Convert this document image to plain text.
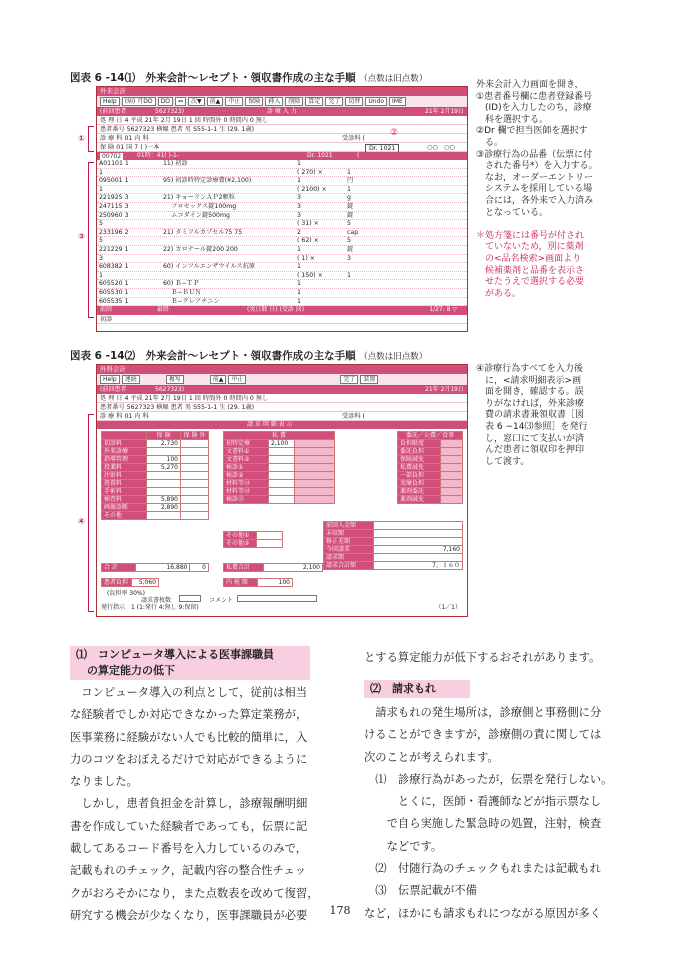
図表 6 -14⑴　外来会計〜レセプト・領収書作成の主な手順 （点数は旧点数）
外来会計
Help	(病) 月DO	DO	⇔	次▼	前▲	中止	保険	挿入	削除	算定	完了	切替	Undo	IME
(前回患者	5627323)	診 療 入 力	21年 2月19日
処 理 日 4 平成 21年 2月 19日 1 回 時間外 0 時間内 0 無し
患者番号 5627323 横堀 患者 男 S55-1-1 生 (29. 1歳)
診 療 科 01 内 科	受診科 (
保 険 01 国 7 ( )一本	Dr. 1021	○○　○○
00702	01時：41( )-1-	Dr. 1021	(
A01101 1	11) 初診	1
1	( 270) ×	1
095001 1	95) 初診時特定診療費(¥2,100)	1	円
1	( 2100) ×	1
221925 3	21) キョーリンＡＰ2顆粒	3	g
247115 3	　 フロセックス錠100mg	3	錠
250960 3	　 ムコダイン錠500mg	3	錠
5	( 31) ×	5
233196 2	21) タミフルカプセル75 75	2	cap
5	( 62) ×	5
221229 1	22) カロナール錠200 200	1	錠
3	( 1) ×	3
608382 1	60) インフルエンザウイルス抗原	1
1	( 150) ×	1
605520 1	60) Ｂ−ＴＰ	1
605530 1	　 Ｂ−ＢＵＮ	1
605535 1	　 Ｂ−クレアチニン	1
前回	最終	(実日数 日) (受診 回)	1/27: 8 ▽
初診
①
③
②
外来会計入力画面を開き，
①患者番号欄に患者登録番号
　(ID)を入力したのち，診療
　科を選択する。
②Dr 欄で担当医師を選択す
　る。
③診療行為の品番（伝票に付
　された番号*）を入力する。
　なお，オーダーエントリー
　システムを採用している場
　合には，各外来で入力済み
　となっている。
＊処方箋には番号が付され
　ていないため，別に薬剤
　の<品名検索>画面より
　候補薬剤と品番を表示さ
　せたうえで選択する必要
　がある。
図表 6 -14⑵　外来会計〜レセプト・領収書作成の主な手順 （点数は旧点数）
外科会計
Help	連続	複写	前▲	中止	完了	装置
(前回患者	5627323)	21年 2月19日
処 理 日 4 平成 21年 2月 19日 1 回 時間外 0 時間内 0 無し
患者番号 5627323 横堀 患者 男 S55-1-1 生 (29. 1歳)
診 療 科 01 内 科	受診科 (
請 求 明 細 表 示
	保 険	保 険 外
初診料	2,730	
外来診療		
指導管理	100	
投薬料	5,270	
注射料		
処置料		
手術料		
検査料	5,890	
画像診断	2,890	
その他		
私 費		
初特定療	2,100	
文書料①		
文書料②		
検診①		
検診②		
材料等⑬		
材料等⑭		
検診⑮		
その他①	
その他②	
委託／公費／食事	
負担限度	
委託負担	
保険減免	
私費減免	
一部負担	
実療負担	
薬剤委託	
薬剤減免	
前回入金額	
未収額	
修正差額	
今回請求	7,160
請求額	
請求合計額	7，１６０
合 計	16,880	0	私費合計	2,100
患者負担	5,060	内 税 額	100
(負担率 30%)
請求書枚数	コメント
発行指示 1 (1:発行 4:無し 9:保留)	（1／1）
④
④診療行為すべてを入力後
　に，<請求明細表示>画
　面を開き，確認する。誤
　りがなければ，外来診療
　費の請求書兼領収書［図
　表 6 −14⑶参照］を発行
　し，窓口にて支払いが済
　んだ患者に領収印を押印
　して渡す。
⑴　コンピュータ導入による医事課職員
　の算定能力の低下
　コンピュータ導入の利点として，従前は相当
な経験者でしか対応できなかった算定業務が，
医事業務に経験がない人でも比較的簡単に，入
力のコツをおぼえるだけで対応ができるように
なりました。
　しかし，患者負担金を計算し，診療報酬明細
書を作成していた経験者であっても，伝票に記
載してあるコード番号を入力しているのみで，
記載もれのチェック，記載内容の整合性チェッ
クがおろそかになり，また点数表を改めて復習，
研究する機会が少なくなり，医事課職員が必要
とする算定能力が低下するおそれがあります。
⑵　請求もれ
　請求もれの発生場所は，診療側と事務側に分
けることができますが，診療側の責に関しては
次のことが考えられます。
　⑴　診療行為があったが，伝票を発行しない。
　　　とくに，医師・看護師などが指示票なし
　　で自ら実施した緊急時の処置，注射，検査
　　などです。
　⑵　付随行為のチェックもれまたは記載もれ
　⑶　伝票記載が不備
など，ほかにも請求もれにつながる原因が多く
178
